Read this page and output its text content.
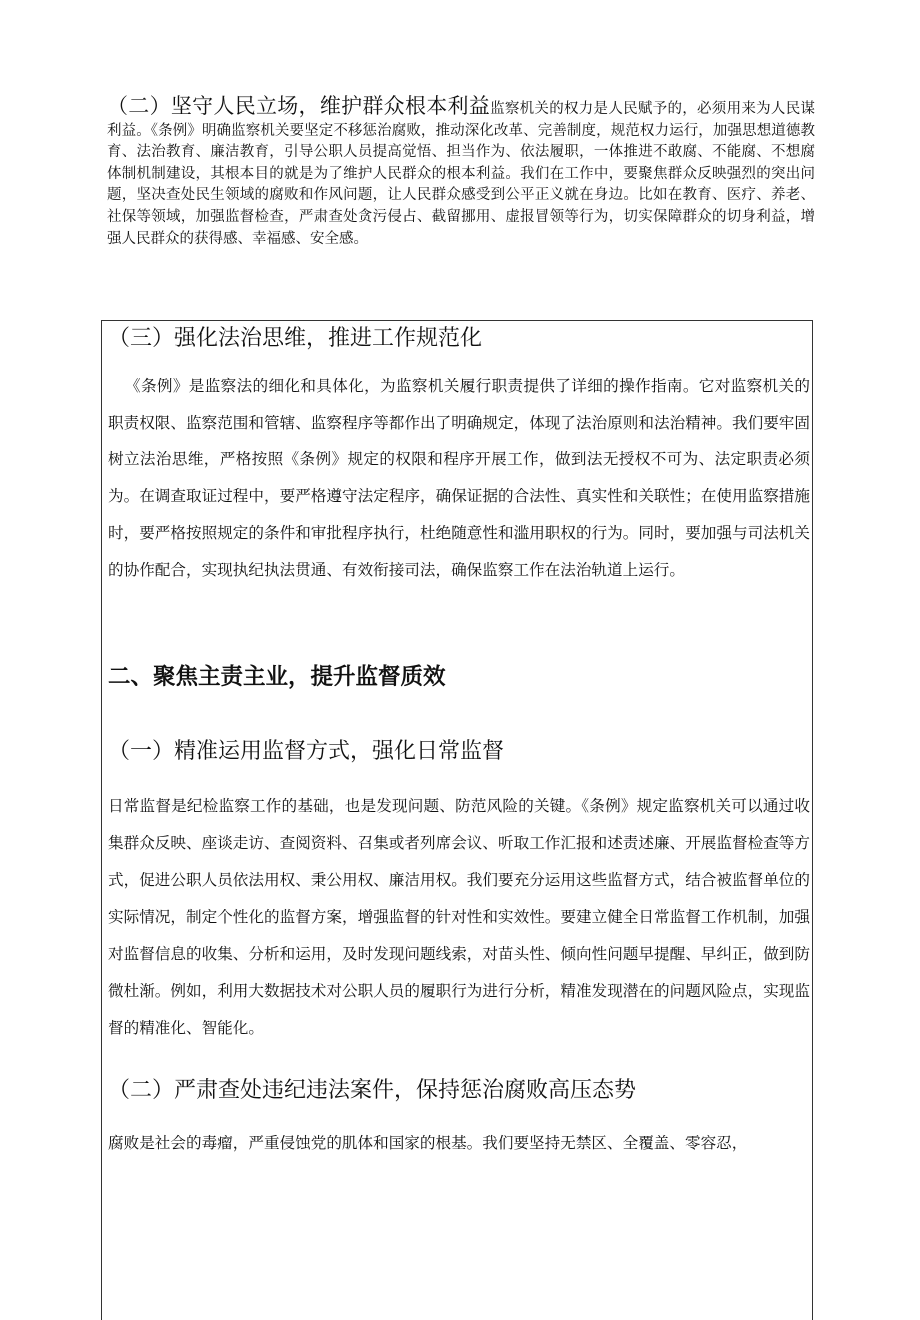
（二）坚守人民立场，维护群众根本利益监察机关的权力是人民赋予的，必须用来为人民谋利益。《条例》明确监察机关要坚定不移惩治腐败，推动深化改革、完善制度，规范权力运行，加强思想道德教育、法治教育、廉洁教育，引导公职人员提高觉悟、担当作为、依法履职，一体推进不敢腐、不能腐、不想腐体制机制建设，其根本目的就是为了维护人民群众的根本利益。我们在工作中，要聚焦群众反映强烈的突出问题，坚决查处民生领域的腐败和作风问题，让人民群众感受到公平正义就在身边。比如在教育、医疗、养老、社保等领域，加强监督检查，严肃查处贪污侵占、截留挪用、虚报冒领等行为，切实保障群众的切身利益，增强人民群众的获得感、幸福感、安全感。

（三）强化法治思维，推进工作规范化

《条例》是监察法的细化和具体化，为监察机关履行职责提供了详细的操作指南。它对监察机关的职责权限、监察范围和管辖、监察程序等都作出了明确规定，体现了法治原则和法治精神。我们要牢固树立法治思维，严格按照《条例》规定的权限和程序开展工作，做到法无授权不可为、法定职责必须为。在调查取证过程中，要严格遵守法定程序，确保证据的合法性、真实性和关联性；在使用监察措施时，要严格按照规定的条件和审批程序执行，杜绝随意性和滥用职权的行为。同时，要加强与司法机关的协作配合，实现执纪执法贯通、有效衔接司法，确保监察工作在法治轨道上运行。

二、聚焦主责主业，提升监督质效
（一）精准运用监督方式，强化日常监督

日常监督是纪检监察工作的基础，也是发现问题、防范风险的关键。《条例》规定监察机关可以通过收集群众反映、座谈走访、查阅资料、召集或者列席会议、听取工作汇报和述责述廉、开展监督检查等方式，促进公职人员依法用权、秉公用权、廉洁用权。我们要充分运用这些监督方式，结合被监督单位的实际情况，制定个性化的监督方案，增强监督的针对性和实效性。要建立健全日常监督工作机制，加强对监督信息的收集、分析和运用，及时发现问题线索，对苗头性、倾向性问题早提醒、早纠正，做到防微杜渐。例如，利用大数据技术对公职人员的履职行为进行分析，精准发现潜在的问题风险点，实现监督的精准化、智能化。

（二）严肃查处违纪违法案件，保持惩治腐败高压态势

腐败是社会的毒瘤，严重侵蚀党的肌体和国家的根基。我们要坚持无禁区、全覆盖、零容忍，
